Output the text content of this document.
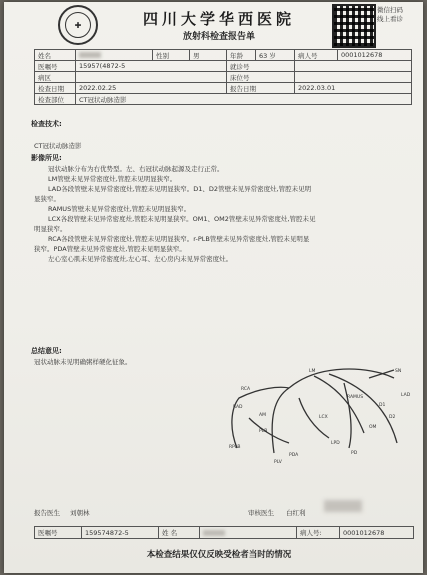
✚	四川大学华西医院
放射科检查报告单
微信扫码 线上看诊
姓名		性别	男	年龄	63 岁	病人号	0001012678
医嘱号	15957(4872-5			就诊号			
病区				床位号			
检查日期	2022.02.25			报告日期		2022.03.01	
检查部位	CT冠状动脉造影						
检查技术:
CT冠状动脉造影
影像所见:
冠状动脉分布为右优势型。左、右冠状动脉起源及走行正常。
LM管壁未见异常密度灶,管腔未见明显狭窄。
LAD各段管壁未见异常密度灶,管腔未见明显狭窄。D1、D2管壁未见异常密度灶,管腔未见明
显狭窄。
RAMUS管壁未见异常密度灶,管腔未见明显狭窄。
LCX各段管壁未见异常密度灶,管腔未见明显狭窄。OM1、OM2管壁未见异常密度灶,管腔未见
明显狭窄。
RCA各段管壁未见异常密度灶,管腔未见明显狭窄。r-PLB管壁未见异常密度灶,管腔未见明显
狭窄。PDA管壁未见异常密度灶,管腔未见明显狭窄。
左心室心肌未见异常密度灶,左心耳、左心房内未见异常密度灶。
总结意见:
冠状动脉未见明确粥样硬化征象。
SN
RCA
LAD
LM
LCX
RAD
OM
D1
D2
PDA
PLB
RPLB
PLV
LPD
PD
AM
RAMUS
报告医生 刘朝林	审核医生 白红利
医嘱号	159574872-5	姓 名		病人号:	0001012678
本检查结果仅仅反映受检者当时的情况
